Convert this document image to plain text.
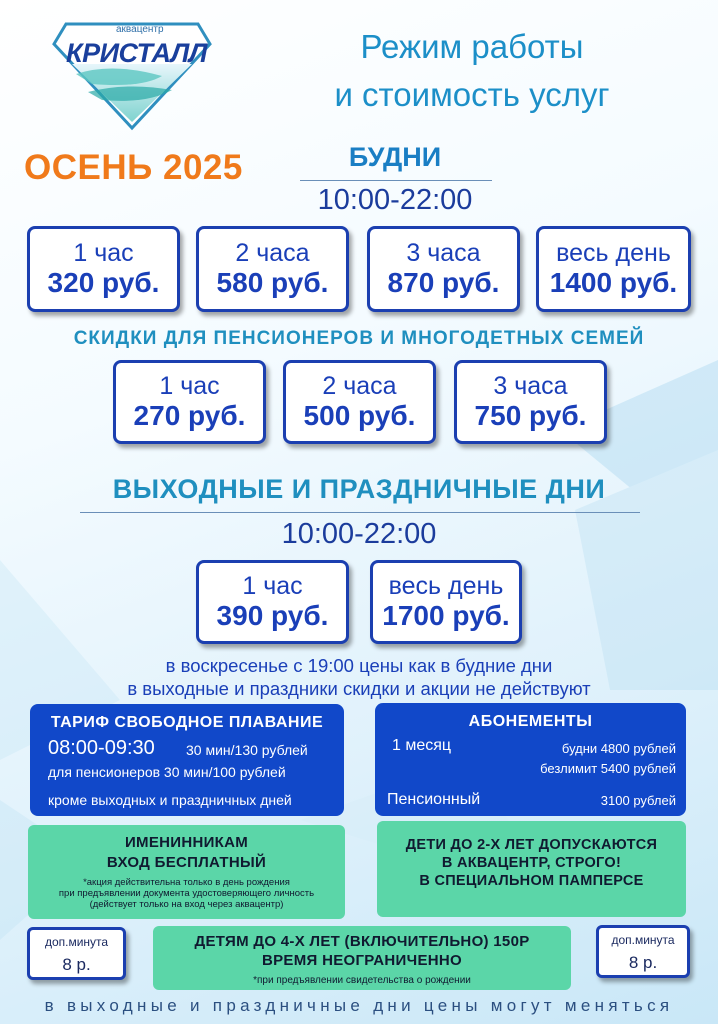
аквацентр
КРИСТАЛЛ	Режим работы
и стоимость услуг
ОСЕНЬ 2025	БУДНИ
10:00-22:00
1 час
320 руб.
2 часа
580 руб.
3 часа
870 руб.
весь день
1400 руб.
СКИДКИ ДЛЯ ПЕНСИОНЕРОВ И МНОГОДЕТНЫХ СЕМЕЙ
1 час
270 руб.
2 часа
500 руб.
3 часа
750 руб.
ВЫХОДНЫЕ И ПРАЗДНИЧНЫЕ ДНИ
10:00-22:00
1 час
390 руб.
весь день
1700 руб.
в воскресенье с 19:00 цены как в будние дни
в выходные и праздники скидки и акции не действуют
ТАРИФ СВОБОДНОЕ ПЛАВАНИЕ
08:00-09:30 30 мин/130 рублей
для пенсионеров 30 мин/100 рублей
кроме выходных и праздничных дней
АБОНЕМЕНТЫ
1 месяц	будни 4800 рублей
безлимит 5400 рублей
Пенсионный	3100 рублей
ИМЕНИННИКАМ
ВХОД БЕСПЛАТНЫЙ
*акция действительна только в день рождения
при предъявлении документа удостоверяющего личность
(действует только на вход через аквацентр)
ДЕТИ ДО 2-Х ЛЕТ ДОПУСКАЮТСЯ
В АКВАЦЕНТР, СТРОГО!
В СПЕЦИАЛЬНОМ ПАМПЕРСЕ
доп.минута
8 р.
доп.минута
8 р.
ДЕТЯМ ДО 4-Х ЛЕТ (ВКЛЮЧИТЕЛЬНО) 150Р
ВРЕМЯ НЕОГРАНИЧЕННО
*при предъявлении свидетельства о рождении
в выходные и праздничные дни цены могут меняться
